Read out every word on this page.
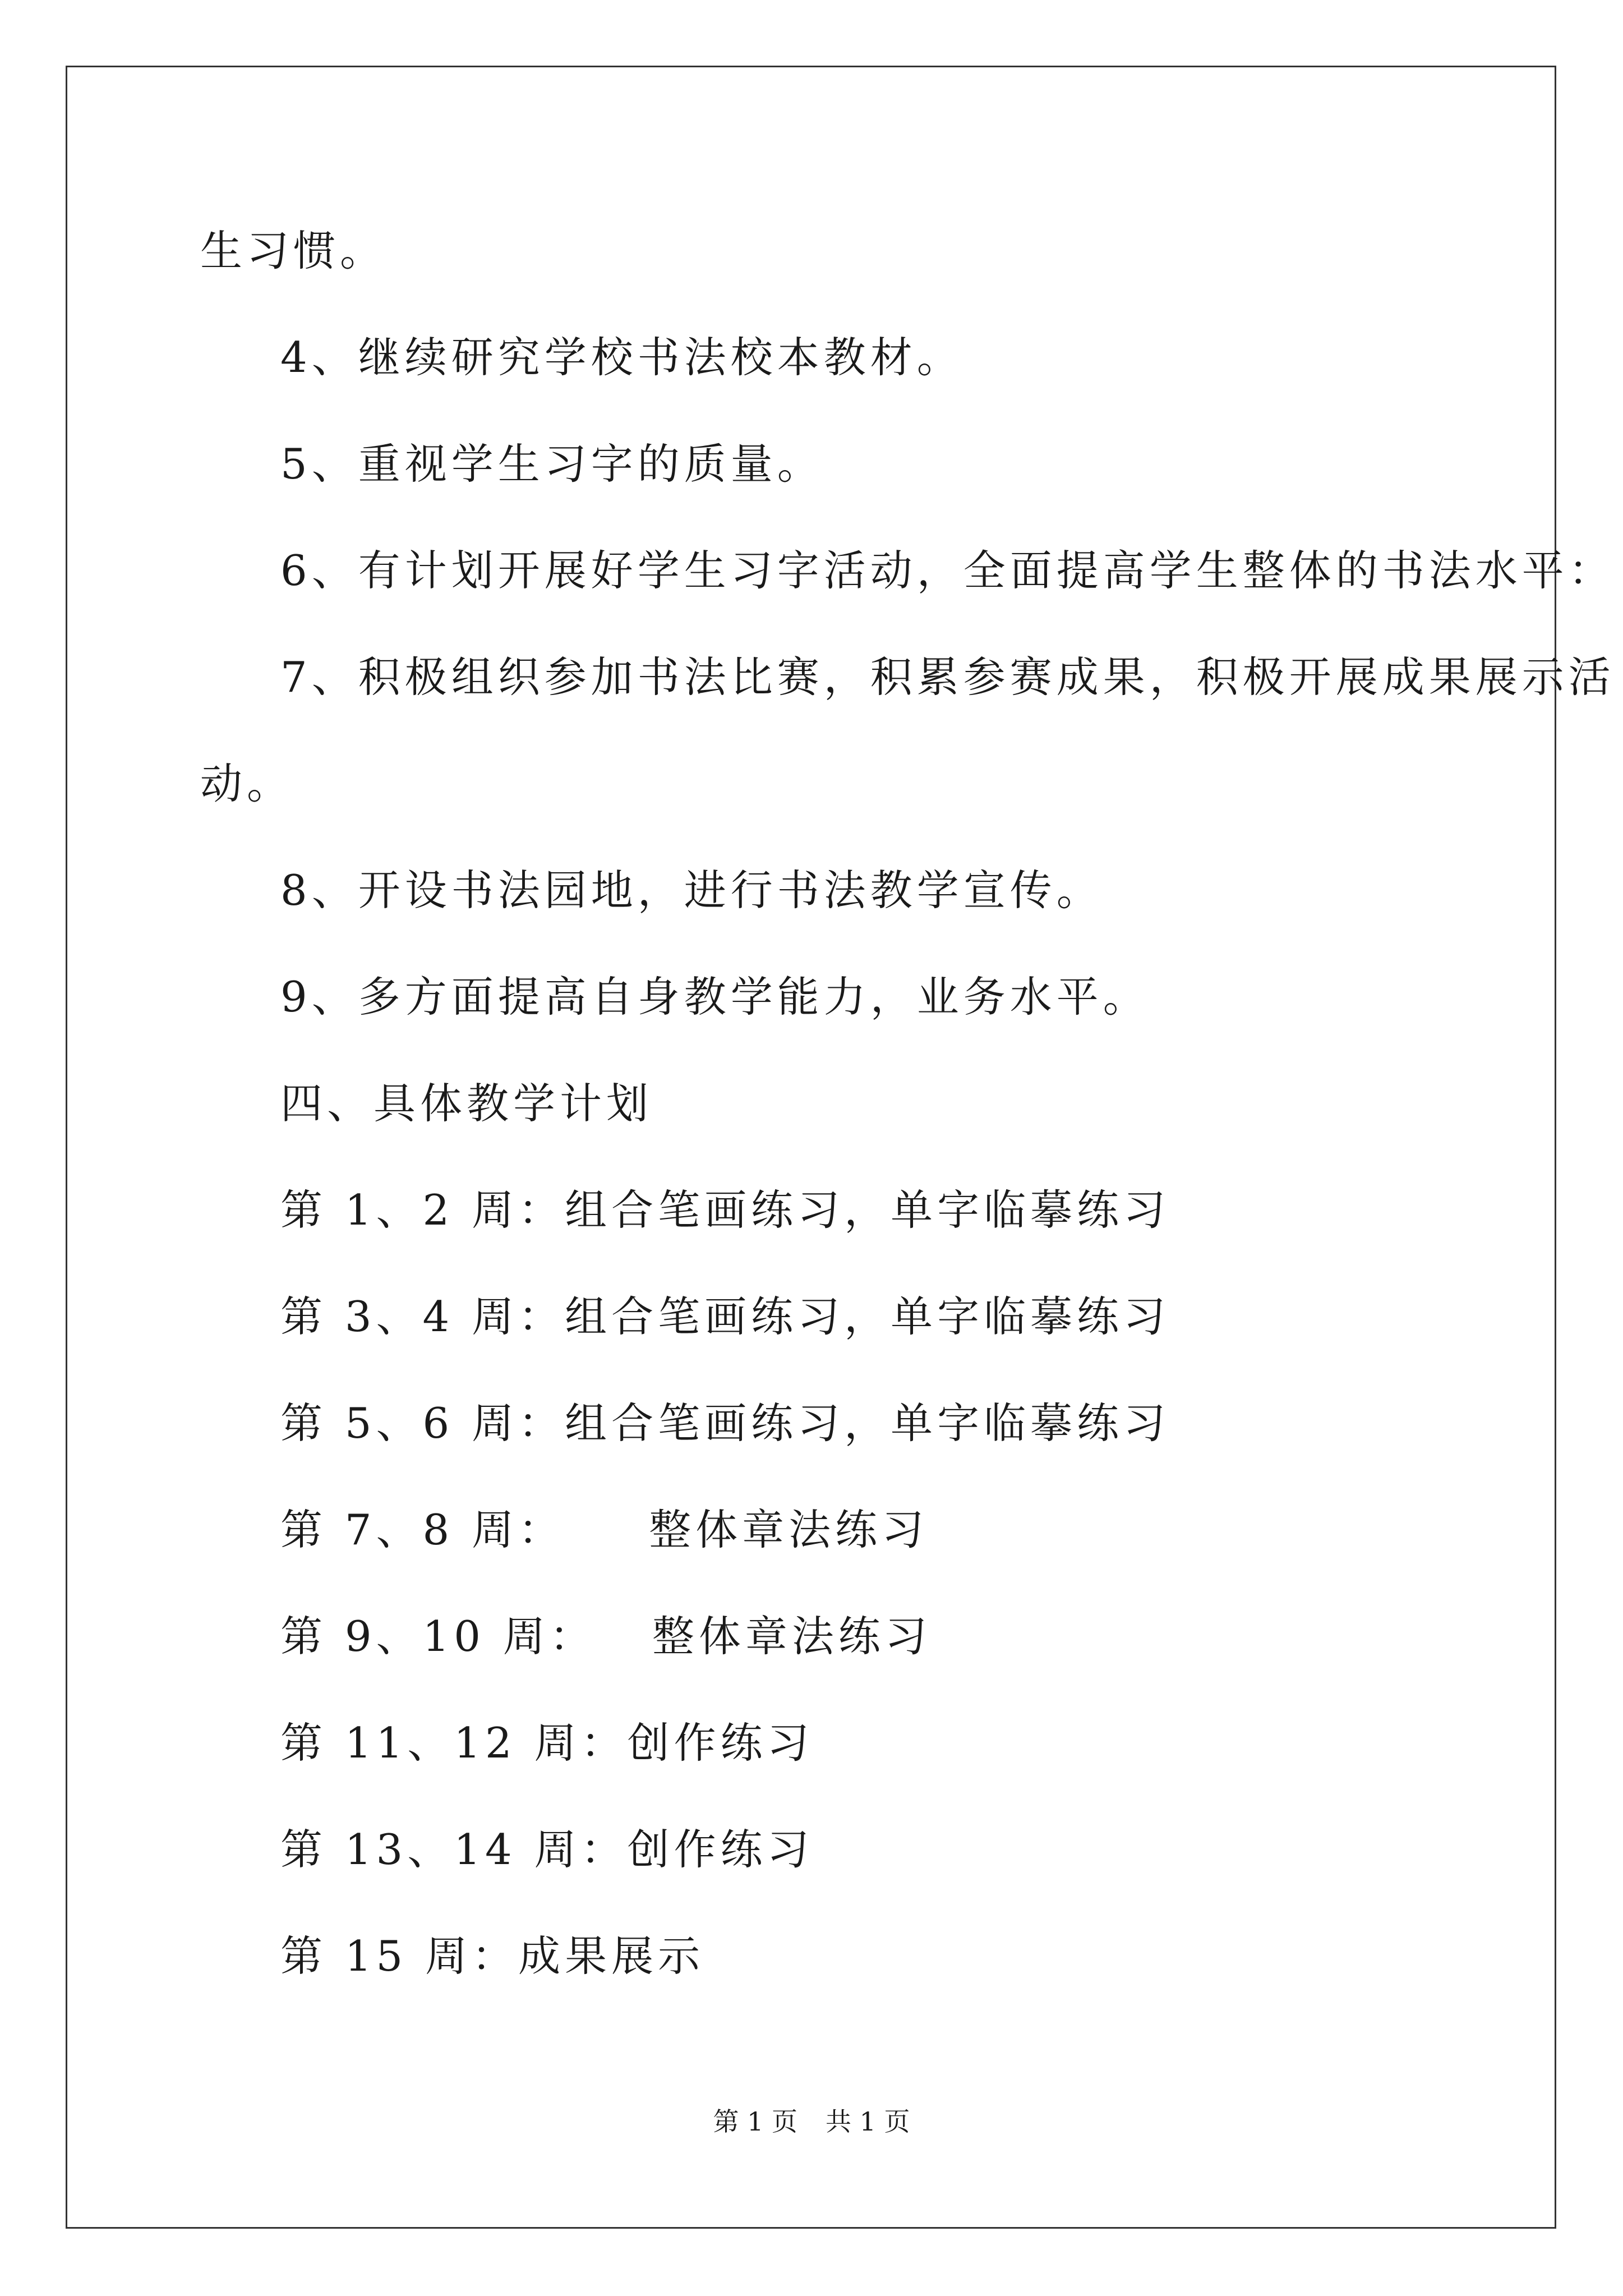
生习惯。
4、继续研究学校书法校本教材。
5、重视学生习字的质量。
6、有计划开展好学生习字活动，全面提高学生整体的书法水平：
7、积极组织参加书法比赛，积累参赛成果，积极开展成果展示活
动。
8、开设书法园地，进行书法教学宣传。
9、多方面提高自身教学能力，业务水平。
四、具体教学计划
第 1、2 周：组合笔画练习，单字临摹练习
第 3、4 周：组合笔画练习，单字临摹练习
第 5、6 周：组合笔画练习，单字临摹练习
第 7、8 周： 整体章法练习
第 9、10 周： 整体章法练习
第 11、12 周：创作练习
第 13、14 周：创作练习
第 15 周：成果展示
第 1 页 共 1 页
